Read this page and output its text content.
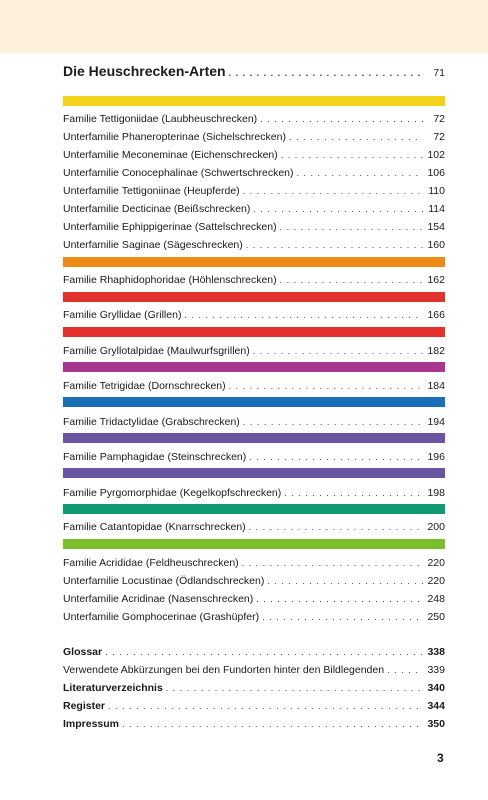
Die Heuschrecken-Arten . . .	71
Familie Tettigoniidae (Laubheuschrecken) . . .	72
Unterfamilie Phaneropterinae (Sichelschrecken) . . .	72
Unterfamilie Meconeminae (Eichenschrecken) . . .	102
Unterfamilie Conocephalinae (Schwertschrecken) . . .	106
Unterfamilie Tettigoniinae (Heupferde) . . .	110
Unterfamilie Decticinae (Beißschrecken) . . .	114
Unterfamilie Ephippigerinae (Sattelschrecken) . . .	154
Unterfamilie Saginae (Sägeschrecken) . . .	160
Familie Rhaphidophoridae (Höhlenschrecken) . . .	162
Familie Gryllidae (Grillen) . . .	166
Familie Gryllotalpidae (Maulwurfsgrillen) . . .	182
Familie Tetrigidae (Dornschrecken) . . .	184
Familie Tridactylidae (Grabschrecken) . . .	194
Familie Pamphagidae (Steinschrecken) . . .	196
Familie Pyrgomorphidae (Kegelkopfschrecken) . . .	198
Familie Catantopidae (Knarrschrecken) . . .	200
Familie Acrididae (Feldheuschrecken) . . .	220
Unterfamilie Locustinae (Ödlandschrecken) . . .	220
Unterfamilie Acridinae (Nasenschrecken) . . .	248
Unterfamilie Gomphocerinae (Grashüpfer) . . .	250
Glossar . . .	338
Verwendete Abkürzungen bei den Fundorten hinter den Bildlegenden . . .	339
Literaturverzeichnis . . .	340
Register . . .	344
Impressum . . .	350
3
